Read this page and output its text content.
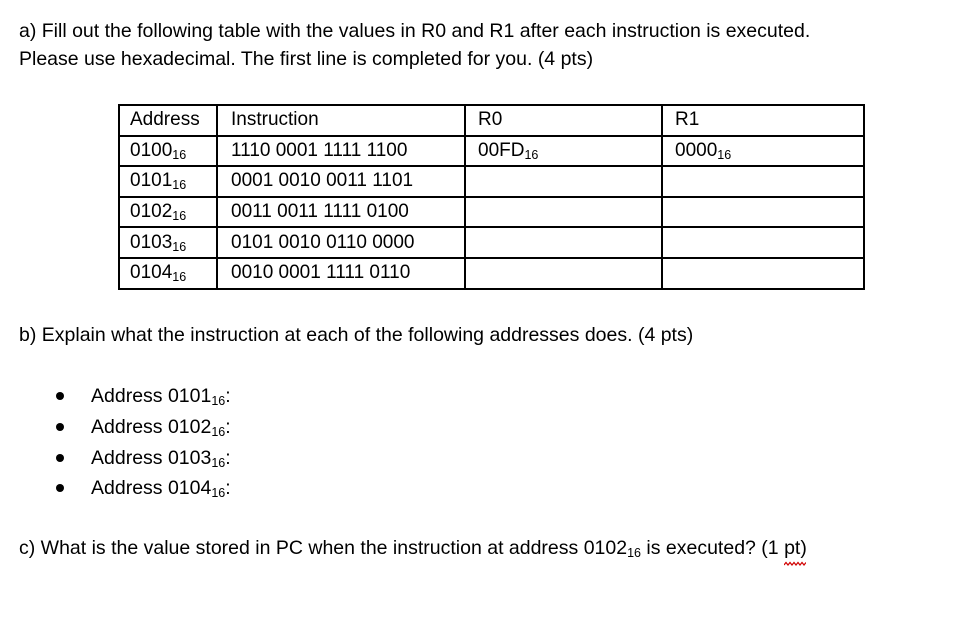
a) Fill out the following table with the values in R0 and R1 after each instruction is executed.
Please use hexadecimal. The first line is completed for you. (4 pts)
Address	Instruction	R0	R1
$0100_{16}$	1110 0001 1111 1100	$00FD_{16}$	$0000_{16}$
$0101_{16}$	0001 0010 0011 1101		
$0102_{16}$	0011 0011 1111 0100		
$0103_{16}$	0101 0010 0110 0000		
$0104_{16}$	0010 0001 1111 0110		
b) Explain what the instruction at each of the following addresses does. (4 pts)
Address $0101_{16}$:
Address $0102_{16}$:
Address $0103_{16}$:
Address $0104_{16}$:
c) What is the value stored in PC when the instruction at address $0102_{16}$ is executed? (1 pt
)
